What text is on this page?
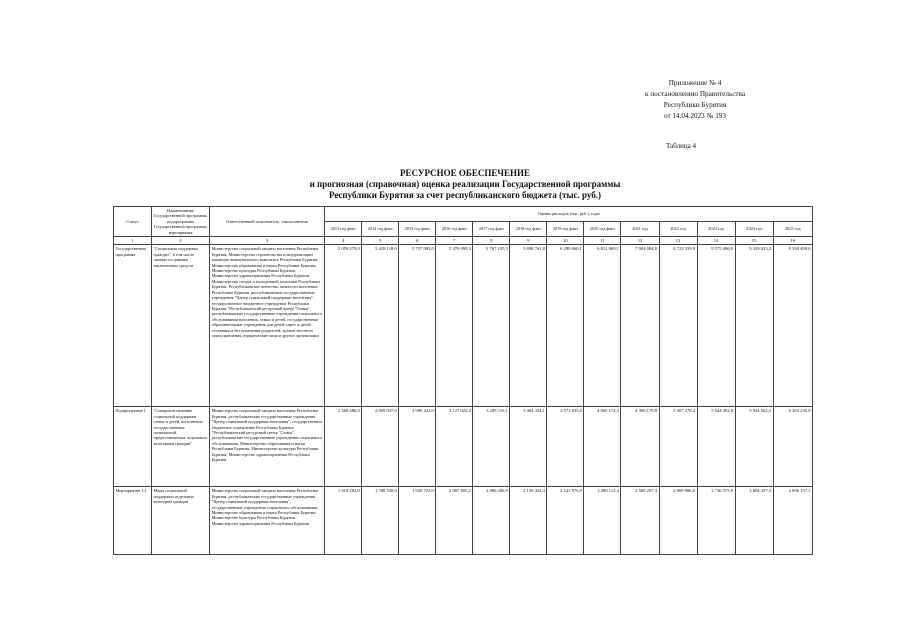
Приложение № 4
к постановлению Правительства
Республики Бурятия
от 14.04.2023 № 193
Таблица 4
РЕСУРСНОЕ ОБЕСПЕЧЕНИЕ
и прогнозная (справочная) оценка реализации Государственной программы
Республики Бурятия за счет республиканского бюджета (тыс. руб.)
Статус	Наименование Государственной программы, подпрограммы Государственной программы, мероприятия	Ответственный исполнитель, соисполнитель	Оценка расходов (тыс. руб.), годы												
			2013 год факт	2014 год факт	2015 год факт	2016 год факт	2017 год факт	2018 год факт	2019 год факт	2020 год факт	2021 год	2022 год	2023 год	2024 год	2025 год
1	2	3	4	5	6	7	8	9	10	11	12	13	14	15	16
Государственная программа	"Социальная поддержка граждан", в том числе личные по данным заключенных средств	Министерство социальной защиты населения Республики Бурятия, Министерство строительства и модернизации жилищно-коммунального комплекса Республики Бурятия, Министерство образования и науки Республики Бурятия, Министерство культуры Республики Бурятия, Министерство здравоохранения Республики Бурятия, Министерство спорта и молодежной политики Республики Бурятия, Республиканское агентство занятости населения Республики Бурятия, республиканские государственные учреждения "Центр социальной поддержки населения", государственное бюджетное учреждение Республики Бурятия "Республиканский ресурсный центр "Семья", республиканские государственные учреждения социального обслуживания населения, семьи и детей, государственные образовательные учреждения для детей-сирот и детей, оставшихся без попечения родителей, органы местного самоуправления, юридические лица и другие организации	5 059 279,0	5 418 118,0	5 757 982,0	5 470 099,3	5 767 105,3	5 898 761,8	6 299 660,1	6 812 869,1	7 904 084,8	8 723 539,9	9 575 496,9	9 329 023,2	9 330 409,6
Подпрограмма 1	"Совершенствование социальной поддержки семьи и детей, исполнение государственных полномочий, предоставляемых отдельным категориям граждан"	Министерство социальной защиты населения Республики Бурятия, республиканские государственные учреждения "Центр социальной поддержки населения", государственное бюджетное учреждение Республики Бурятия "Республиканский ресурсный центр "Семья", республиканские государственные учреждения социального обслуживания, Министерство образования и науки Республики Бурятия, Министерство культуры Республики Бурятия, Министерство здравоохранения Республики Бурятия	2 568 488,0	2 809 037,0	2 990 423,0	3 127 022,4	3 289 116,1	3 464 334,1	3 571 035,0	4 065 174,3	4 390 179,8	5 407 278,4	5 944 492,8	5 934 562,2	6 263 245,8
Мероприятие 1.1	Меры социальной поддержки отдельных категорий граждан	Министерство социальной защиты населения Республики Бурятия, республиканские государственные учреждения "Центр социальной поддержки населения", государственные учреждения социального обслуживания, Министерство образования и науки Республики Бурятия, Министерство культуры Республики Бурятия, Министерство здравоохранения Республики Бурятия	1 619 282,0	1 768 538,0	1 920 723,0	2 087 805,2	2 080 286,9	2 150 432,4	2 141 976,9	2 280 112,4	2 508 297,3	2 909 986,0	2 736 375,9	2 604 357,3	2 696 157,1
